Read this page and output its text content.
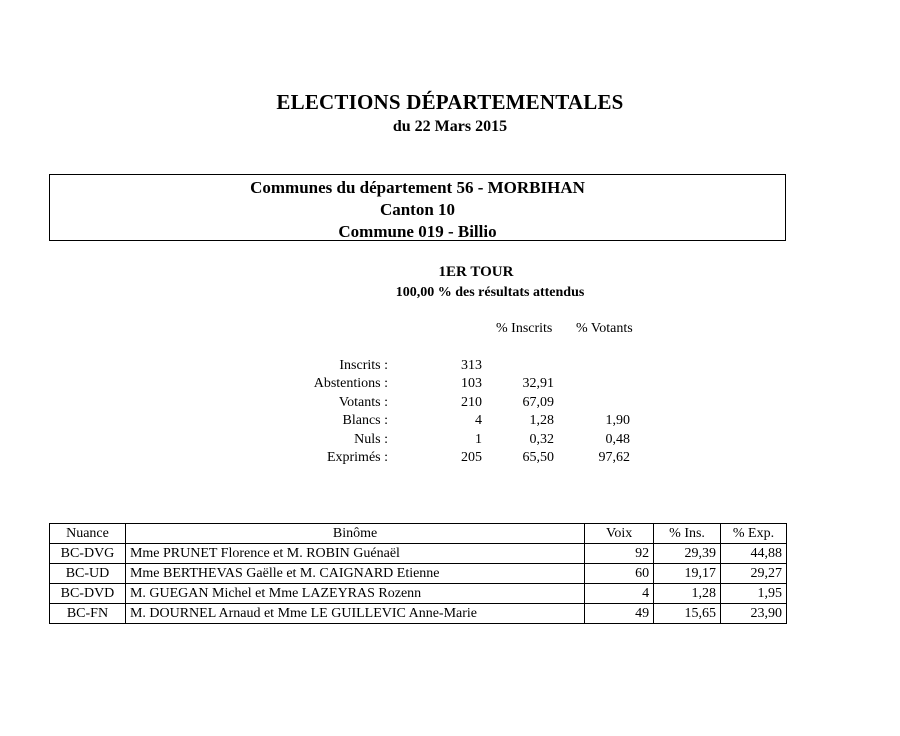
ELECTIONS DÉPARTEMENTALES
du 22 Mars 2015
Communes du département 56 - MORBIHAN
Canton 10
Commune 019 - Billio
1ER TOUR
100,00 % des résultats attendus
% Inscrits % Votants
Inscrits :	313
Abstentions :	103	32,91
Votants :	210	67,09
Blancs :	4	1,28	1,90
Nuls :	1	0,32	0,48
Exprimés :	205	65,50	97,62
Nuance	Binôme	Voix	% Ins.	% Exp.
BC-DVG	Mme PRUNET Florence et M. ROBIN Guénaël	92	29,39	44,88
BC-UD	Mme BERTHEVAS Gaëlle et M. CAIGNARD Etienne	60	19,17	29,27
BC-DVD	M. GUEGAN Michel et Mme LAZEYRAS Rozenn	4	1,28	1,95
BC-FN	M. DOURNEL Arnaud et Mme LE GUILLEVIC Anne-Marie	49	15,65	23,90
